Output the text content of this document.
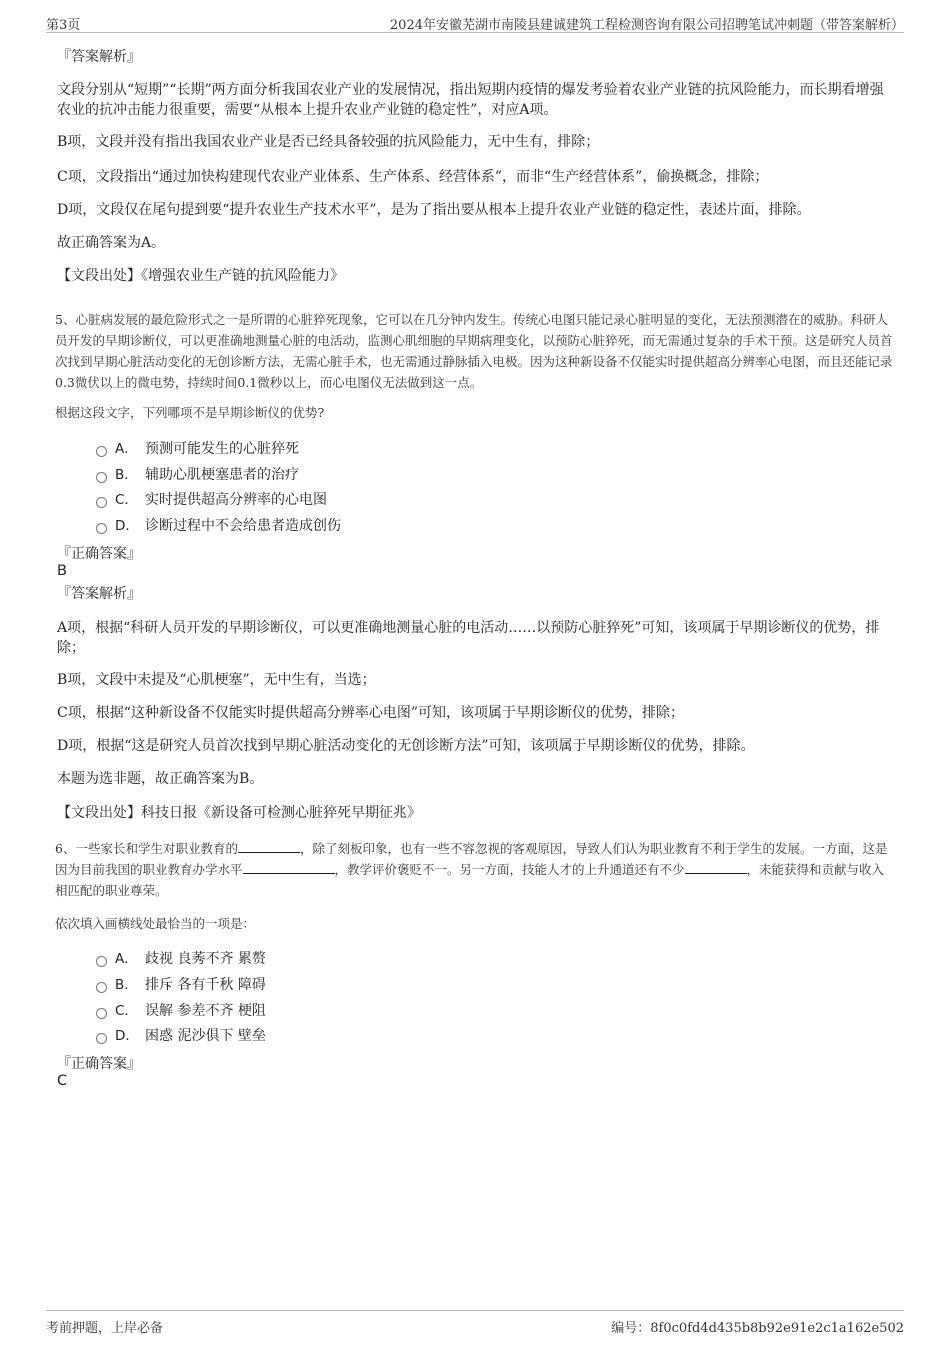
第3页	2024年安徽芜湖市南陵县建诚建筑工程检测咨询有限公司招聘笔试冲刺题（带答案解析）
『答案解析』
文段分别从“短期”“长期”两方面分析我国农业产业的发展情况，指出短期内疫情的爆发考验着农业产业链的抗风险能力，而长期看增强农业的抗冲击能力很重要，需要“从根本上提升农业产业链的稳定性”，对应A项。
B项，文段并没有指出我国农业产业是否已经具备较强的抗风险能力，无中生有，排除；
C项，文段指出“通过加快构建现代农业产业体系、生产体系、经营体系”，而非“生产经营体系”，偷换概念，排除；
D项，文段仅在尾句提到要“提升农业生产技术水平”，是为了指出要从根本上提升农业产业链的稳定性，表述片面，排除。
故正确答案为A。
【文段出处】《增强农业生产链的抗风险能力》
5、心脏病发展的最危险形式之一是所谓的心脏猝死现象，它可以在几分钟内发生。传统心电图只能记录心脏明显的变化，无法预测潜在的威胁。科研人员开发的早期诊断仪，可以更准确地测量心脏的电活动，监测心肌细胞的早期病理变化，以预防心脏猝死，而无需通过复杂的手术干预。这是研究人员首次找到早期心脏活动变化的无创诊断方法，无需心脏手术，也无需通过静脉插入电极。因为这种新设备不仅能实时提供超高分辨率心电图，而且还能记录0.3微伏以上的微电势，持续时间0.1微秒以上，而心电图仪无法做到这一点。
根据这段文字，下列哪项不是早期诊断仪的优势?
A． 预测可能发生的心脏猝死
B． 辅助心肌梗塞患者的治疗
C． 实时提供超高分辨率的心电图
D． 诊断过程中不会给患者造成创伤
『正确答案』
B
『答案解析』
A项，根据“科研人员开发的早期诊断仪，可以更准确地测量心脏的电活动……以预防心脏猝死”可知，该项属于早期诊断仪的优势，排除；
B项，文段中未提及“心肌梗塞”，无中生有，当选；
C项，根据“这种新设备不仅能实时提供超高分辨率心电图”可知，该项属于早期诊断仪的优势，排除；
D项，根据“这是研究人员首次找到早期心脏活动变化的无创诊断方法”可知，该项属于早期诊断仪的优势，排除。
本题为选非题，故正确答案为B。
【文段出处】科技日报《新设备可检测心脏猝死早期征兆》
6、一些家长和学生对职业教育的	，除了刻板印象，也有一些不容忽视的客观原因，导致人们认为职业教育不利于学生的发展。一方面，这是因为目前我国的职业教育办学水平	，教学评价褒贬不一。另一方面，技能人才的上升通道还有不少	，未能获得和贡献与收入相匹配的职业尊荣。
依次填入画横线处最恰当的一项是：
A． 歧视 良莠不齐 累赘
B． 排斥 各有千秋 障碍
C． 误解 参差不齐 梗阻
D． 困惑 泥沙俱下 壁垒
『正确答案』
C
考前押题，上岸必备	编号：8f0c0fd4d435b8b92e91e2c1a162e502
